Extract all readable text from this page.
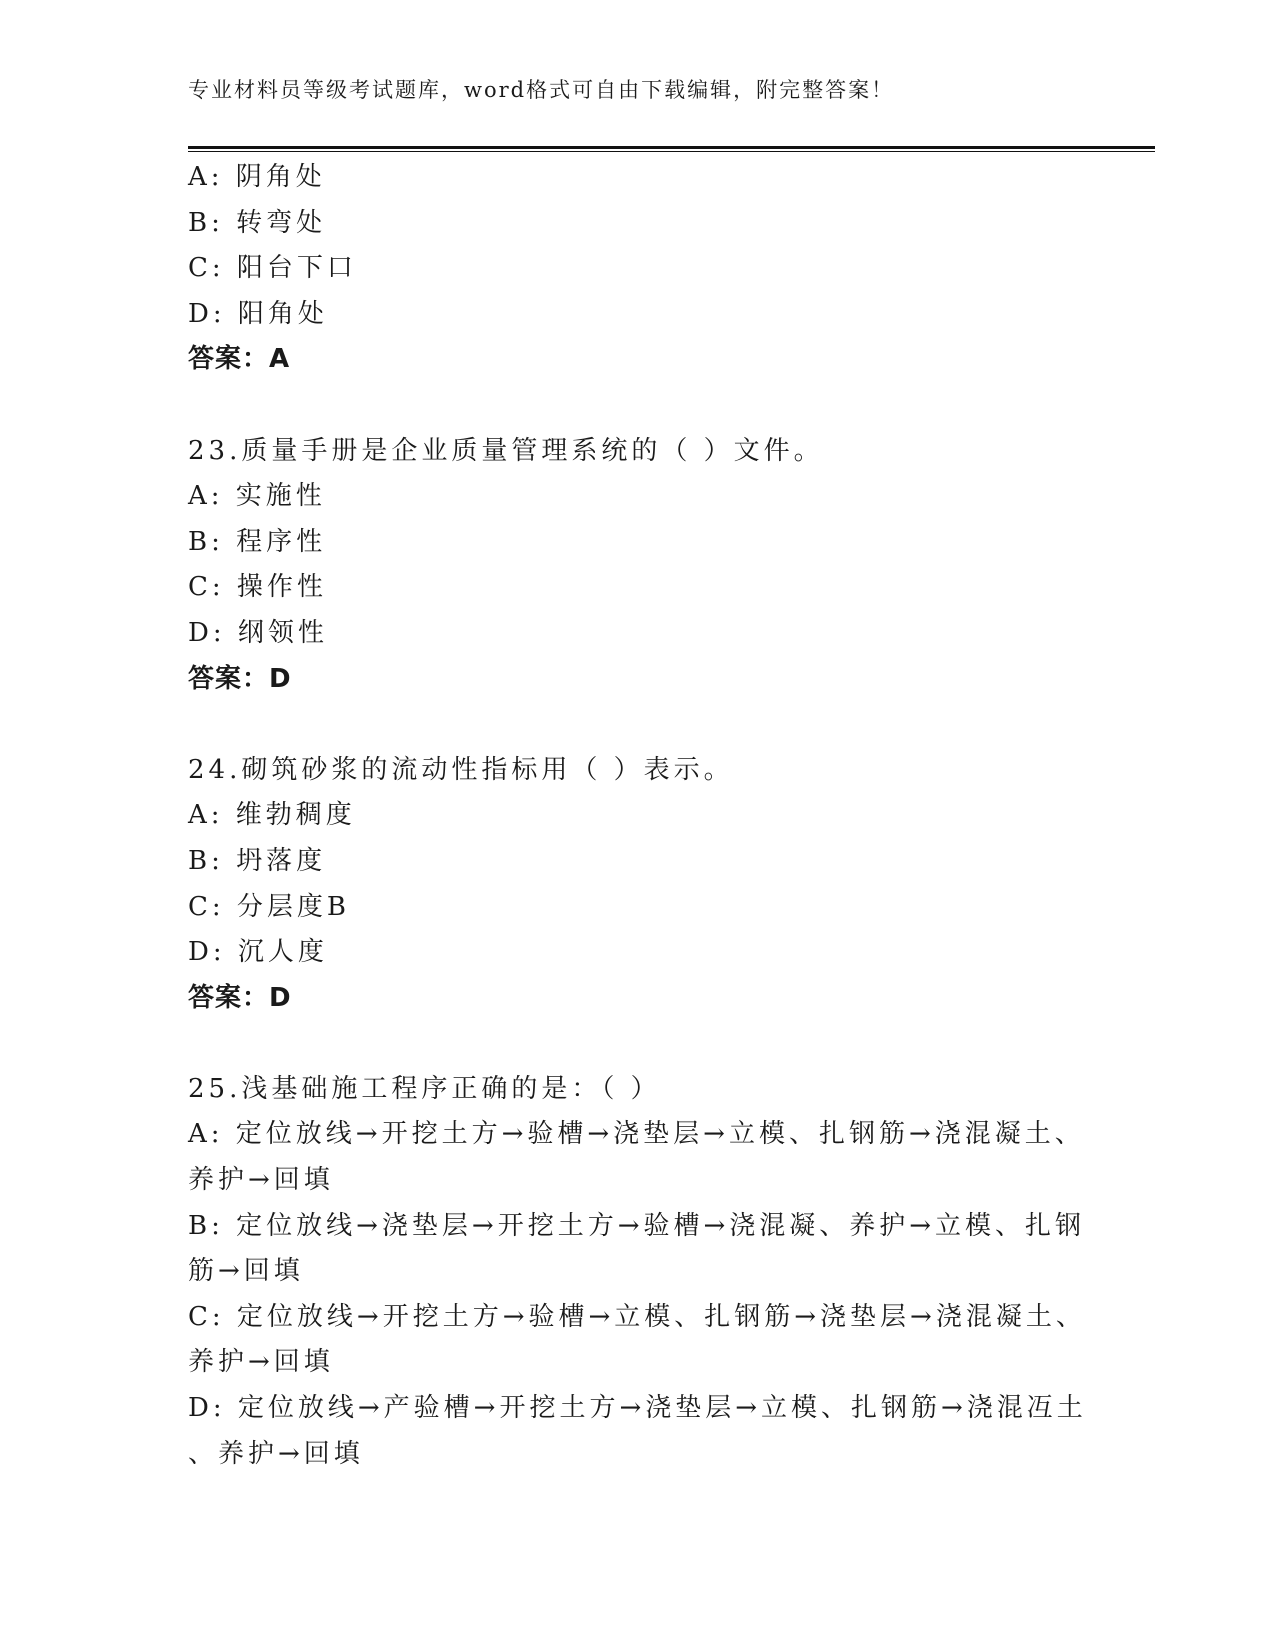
专业材料员等级考试题库，word格式可自由下载编辑，附完整答案！
A: 阴角处
B: 转弯处
C: 阳台下口
D: 阳角处
答案：A
23.质量手册是企业质量管理系统的（ ）文件。
A: 实施性
B: 程序性
C: 操作性
D: 纲领性
答案：D
24.砌筑砂浆的流动性指标用（ ）表示。
A: 维勃稠度
B: 坍落度
C: 分层度B
D: 沉人度
答案：D
25.浅基础施工程序正确的是：（ ）
A: 定位放线→开挖土方→验槽→浇垫层→立模、扎钢筋→浇混凝土、
养护→回填
B: 定位放线→浇垫层→开挖土方→验槽→浇混凝、养护→立模、扎钢
筋→回填
C: 定位放线→开挖土方→验槽→立模、扎钢筋→浇垫层→浇混凝土、
养护→回填
D: 定位放线→产验槽→开挖土方→浇垫层→立模、扎钢筋→浇混冱土
、养护→回填
